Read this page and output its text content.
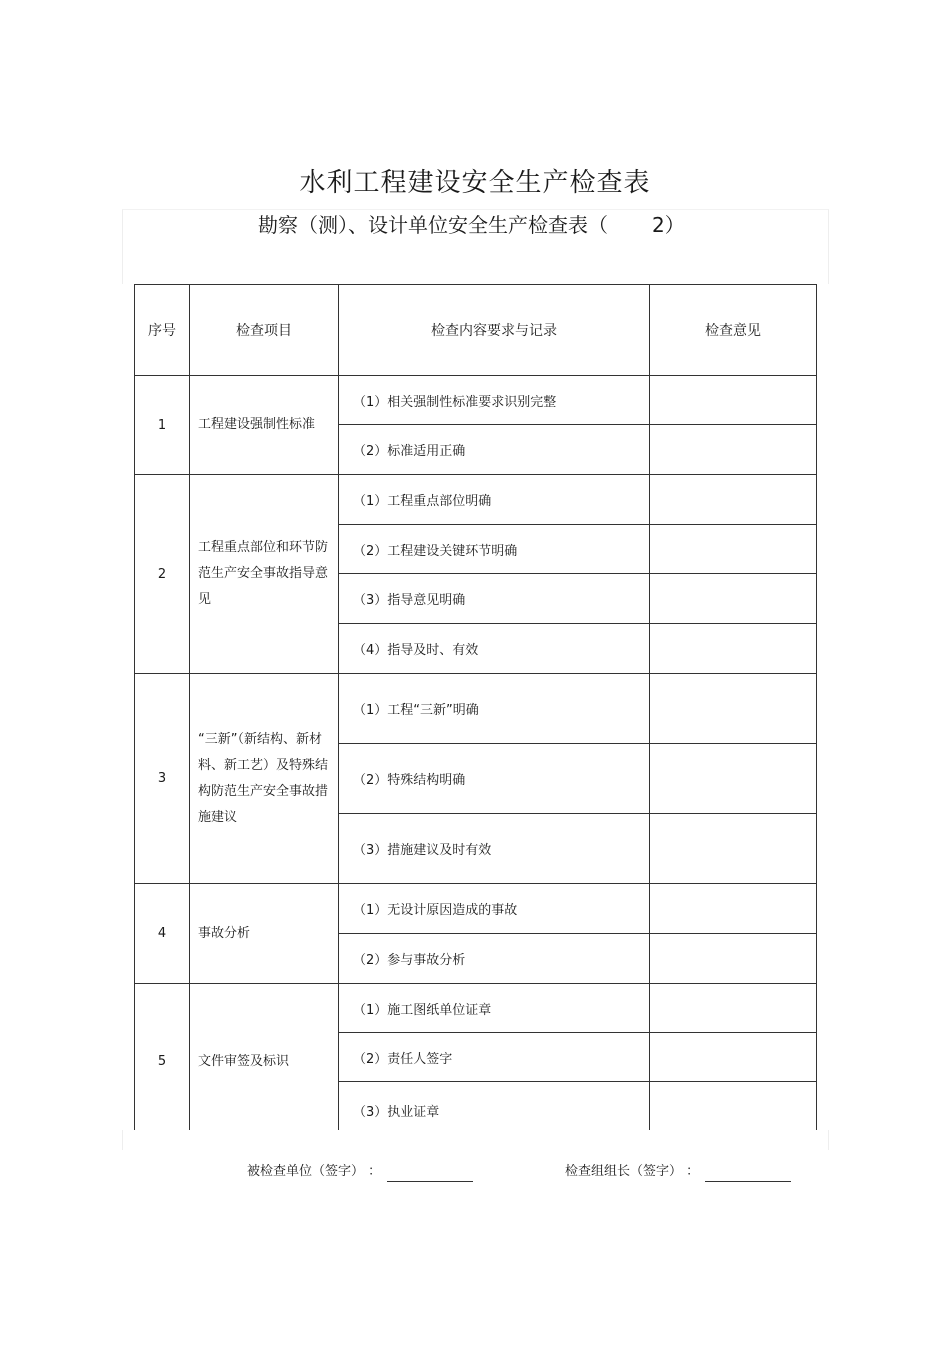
水利工程建设安全生产检查表
勘察（测）、设计单位安全生产检查表（ 2）
序号	检查项目	检查内容要求与记录	检查意见
1	工程建设强制性标准	（1）相关强制性标准要求识别完整	
		（2）标准适用正确	
2	工程重点部位和环节防范生产安全事故指导意见	（1）工程重点部位明确	
		（2）工程建设关键环节明确	
		（3）指导意见明确	
		（4）指导及时、有效	
3	“三新”（新结构、新材料、新工艺）及特殊结构防范生产安全事故措施建议	（1）工程“三新”明确	
		（2）特殊结构明确	
		（3）措施建议及时有效	
4	事故分析	（1）无设计原因造成的事故	
		（2）参与事故分析	
5	文件审签及标识	（1）施工图纸单位证章	
		（2）责任人签字	
		（3）执业证章	
被检查单位（签字） ：	检查组组长（签字） ：
